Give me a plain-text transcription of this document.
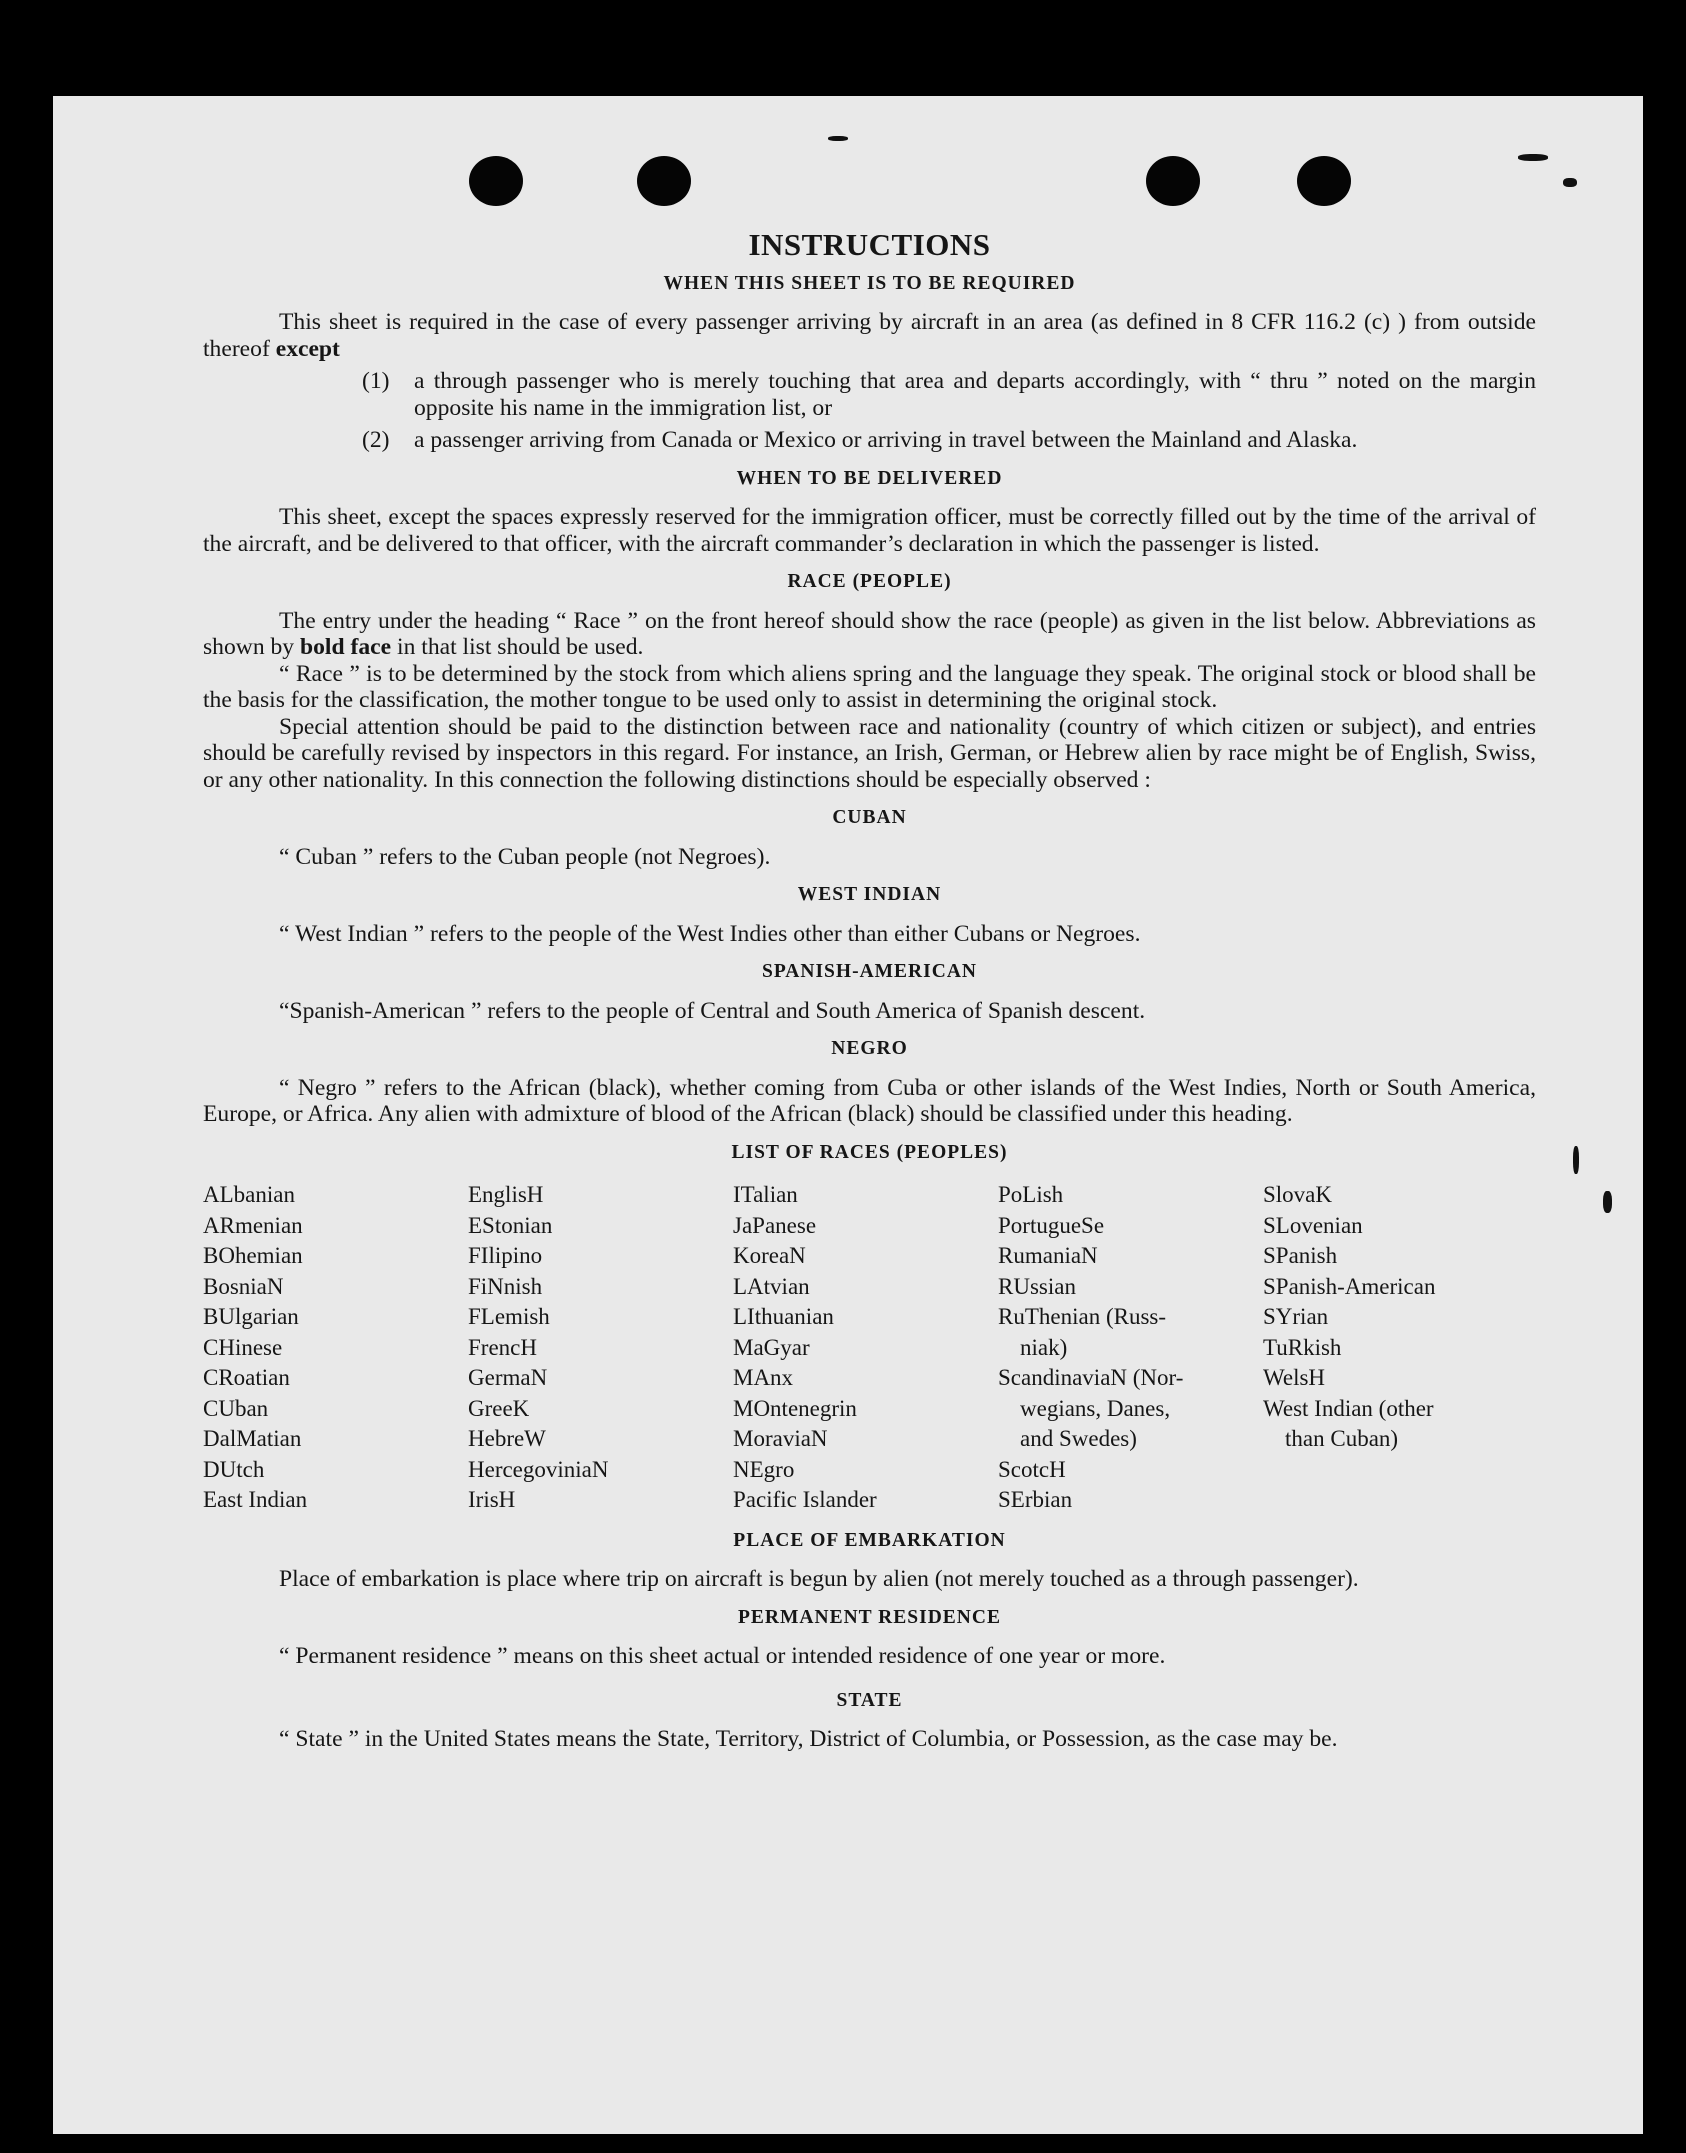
INSTRUCTIONS
WHEN THIS SHEET IS TO BE REQUIRED

This sheet is required in the case of every passenger arriving by aircraft in an area (as defined in 8 CFR 116.2 (c) ) from outside thereof except

(1)	a through passenger who is merely touching that area and departs accordingly, with “ thru ” noted on the margin opposite his name in the immigration list, or
(2)	a passenger arriving from Canada or Mexico or arriving in travel between the Mainland and Alaska.
WHEN TO BE DELIVERED

This sheet, except the spaces expressly reserved for the immigration officer, must be correctly filled out by the time of the arrival of the aircraft, and be delivered to that officer, with the aircraft commander’s declaration in which the passenger is listed.

RACE (PEOPLE)

The entry under the heading “ Race ” on the front hereof should show the race (people) as given in the list below. Abbreviations as shown by bold face in that list should be used.

“ Race ” is to be determined by the stock from which aliens spring and the language they speak. The original stock or blood shall be the basis for the classification, the mother tongue to be used only to assist in determining the original stock.

Special attention should be paid to the distinction between race and nationality (country of which citizen or subject), and entries should be carefully revised by inspectors in this regard. For instance, an Irish, German, or Hebrew alien by race might be of English, Swiss, or any other nationality. In this connection the following distinctions should be especially observed :

CUBAN

“ Cuban ” refers to the Cuban people (not Negroes).

WEST INDIAN

“ West Indian ” refers to the people of the West Indies other than either Cubans or Negroes.

SPANISH-AMERICAN

“Spanish-American ” refers to the people of Central and South America of Spanish descent.

NEGRO

“ Negro ” refers to the African (black), whether coming from Cuba or other islands of the West Indies, North or South America, Europe, or Africa. Any alien with admixture of blood of the African (black) should be classified under this heading.

LIST OF RACES (PEOPLES)
ALbanian
ARmenian
BOhemian
BosniaN
BUlgarian
CHinese
CRoatian
CUban
DalMatian
DUtch
East Indian
EnglisH
EStonian
FIlipino
FiNnish
FLemish
FrencH
GermaN
GreeK
HebreW
HercegoviniaN
IrisH
ITalian
JaPanese
KoreaN
LAtvian
LIthuanian
MaGyar
MAnx
MOntenegrin
MoraviaN
NEgro
Pacific Islander
PoLish
PortugueSe
RumaniaN
RUssian
RuThenian (Russ-
niak)
ScandinaviaN (Nor-
wegians, Danes,
and Swedes)
ScotcH
SErbian
SlovaK
SLovenian
SPanish
SPanish-American
SYrian
TuRkish
WelsH
West Indian (other
than Cuban)
PLACE OF EMBARKATION

Place of embarkation is place where trip on aircraft is begun by alien (not merely touched as a through passenger).

PERMANENT RESIDENCE

“ Permanent residence ” means on this sheet actual or intended residence of one year or more.

STATE

“ State ” in the United States means the State, Territory, District of Columbia, or Possession, as the case may be.
